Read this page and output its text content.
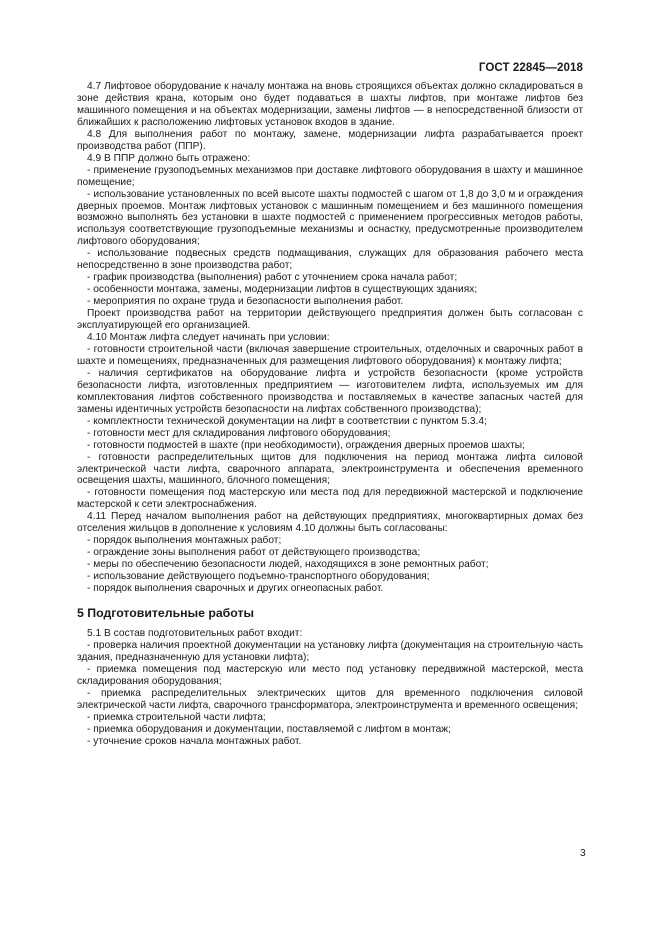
ГОСТ 22845—2018

4.7 Лифтовое оборудование к началу монтажа на вновь строящихся объектах должно складироваться в зоне действия крана, которым оно будет подаваться в шахты лифтов, при монтаже лифтов без машинного помещения и на объектах модернизации, замены лифтов — в непосредственной близости от ближайших к расположению лифтовых установок входов в здание.

4.8 Для выполнения работ по монтажу, замене, модернизации лифта разрабатывается проект производства работ (ППР).

4.9 В ППР должно быть отражено:

- применение грузоподъемных механизмов при доставке лифтового оборудования в шахту и машинное помещение;

- использование установленных по всей высоте шахты подмостей с шагом от 1,8 до 3,0 м и ограждения дверных проемов. Монтаж лифтовых установок с машинным помещением и без машинного помещения возможно выполнять без установки в шахте подмостей с применением прогрессивных методов работы, используя соответствующие грузоподъемные механизмы и оснастку, предусмотренные производителем лифтового оборудования;

- использование подвесных средств подмащивания, служащих для образования рабочего места непосредственно в зоне производства работ;

- график производства (выполнения) работ с уточнением срока начала работ;

- особенности монтажа, замены, модернизации лифтов в существующих зданиях;

- мероприятия по охране труда и безопасности выполнения работ.

Проект производства работ на территории действующего предприятия должен быть согласован с эксплуатирующей его организацией.

4.10 Монтаж лифта следует начинать при условии:

- готовности строительной части (включая завершение строительных, отделочных и сварочных работ в шахте и помещениях, предназначенных для размещения лифтового оборудования) к монтажу лифта;

- наличия сертификатов на оборудование лифта и устройств безопасности (кроме устройств безопасности лифта, изготовленных предприятием — изготовителем лифта, используемых им для комплектования лифтов собственного производства и поставляемых в качестве запасных частей для замены идентичных устройств безопасности на лифтах собственного производства);

- комплектности технической документации на лифт в соответствии с пунктом 5.3.4;

- готовности мест для складирования лифтового оборудования;

- готовности подмостей в шахте (при необходимости), ограждения дверных проемов шахты;

- готовности распределительных щитов для подключения на период монтажа лифта силовой электрической части лифта, сварочного аппарата, электроинструмента и обеспечения временного освещения шахты, машинного, блочного помещения;

- готовности помещения под мастерскую или места под для передвижной мастерской и подключение мастерской к сети электроснабжения.

4.11 Перед началом выполнения работ на действующих предприятиях, многоквартирных домах без отселения жильцов в дополнение к условиям 4.10 должны быть согласованы:

- порядок выполнения монтажных работ;

- ограждение зоны выполнения работ от действующего производства;

- меры по обеспечению безопасности людей, находящихся в зоне ремонтных работ;

- использование действующего подъемно-транспортного оборудования;

- порядок выполнения сварочных и других огнеопасных работ.

5 Подготовительные работы

5.1 В состав подготовительных работ входит:

- проверка наличия проектной документации на установку лифта (документация на строительную часть здания, предназначенную для установки лифта);

- приемка помещения под мастерскую или место под установку передвижной мастерской, места складирования оборудования;

- приемка распределительных электрических щитов для временного подключения силовой электрической части лифта, сварочного трансформатора, электроинструмента и временного освещения;

- приемка строительной части лифта;

- приемка оборудования и документации, поставляемой с лифтом в монтаж;

- уточнение сроков начала монтажных работ.

3
